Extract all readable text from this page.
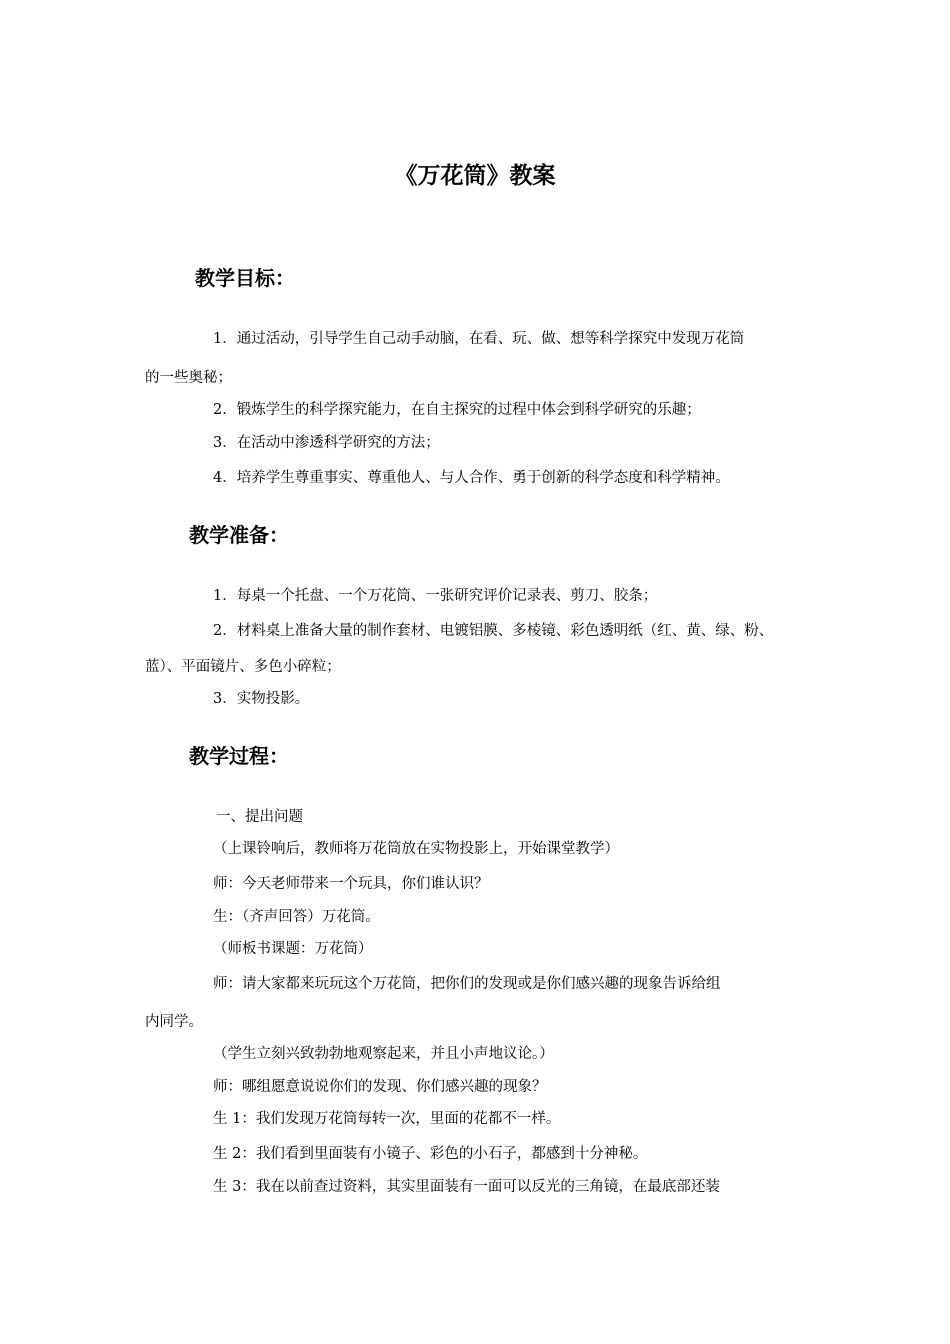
《万花筒》教案
教学目标：

1．通过活动，引导学生自己动手动脑，在看、玩、做、想等科学探究中发现万花筒

的一些奥秘；

2．锻炼学生的科学探究能力，在自主探究的过程中体会到科学研究的乐趣；

3．在活动中渗透科学研究的方法；

4．培养学生尊重事实、尊重他人、与人合作、勇于创新的科学态度和科学精神。

教学准备：

1．每桌一个托盘、一个万花筒、一张研究评价记录表、剪刀、胶条；

2．材料桌上准备大量的制作套材、电镀铝膜、多棱镜、彩色透明纸（红、黄、绿、粉、

蓝）、平面镜片、多色小碎粒；

3．实物投影。

教学过程：

一、提出问题

（上课铃响后，教师将万花筒放在实物投影上，开始课堂教学）

师：今天老师带来一个玩具，你们谁认识？

生：（齐声回答）万花筒。

（师板书课题：万花筒）

师：请大家都来玩玩这个万花筒，把你们的发现或是你们感兴趣的现象告诉给组

内同学。

（学生立刻兴致勃勃地观察起来，并且小声地议论。）

师：哪组愿意说说你们的发现、你们感兴趣的现象？

生 1：我们发现万花筒每转一次，里面的花都不一样。

生 2：我们看到里面装有小镜子、彩色的小石子，都感到十分神秘。

生 3：我在以前查过资料，其实里面装有一面可以反光的三角镜，在最底部还装
